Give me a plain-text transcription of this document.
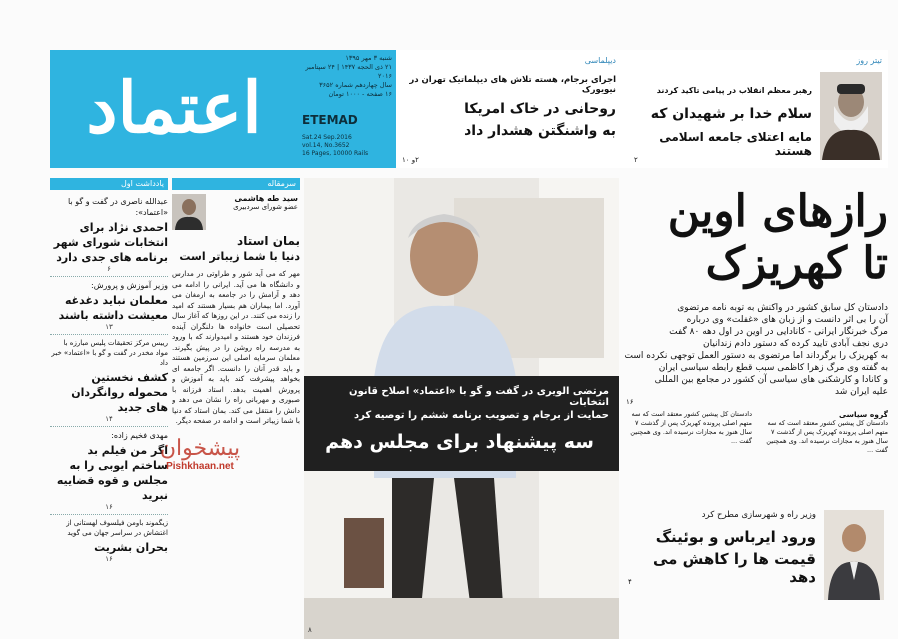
اعتماد
شنبه ۳ مهر ۱۳۹۵
۲۱ ذی الحجه ۱۴۳۷ | ۲۴ سپتامبر ۲۰۱۶
سال چهاردهم شماره ۳۶۵۲
۱۶ صفحه - ۱۰۰۰ تومان
ETEMAD
Sat.24 Sep.2016
vol.14, No.3652
16 Pages, 10000 Rails
دیپلماسی
اجرای برجام، هسته تلاش های دیپلماتیک تهران در نیویورک
روحانی در خاک امریکا
به واشنگتن هشدار داد
۲و ۱۰
تیتر روز
رهبر معظم انقلاب در پیامی تاکید کردند
سلام خدا بر شهیدان که
مایه اعتلای جامعه اسلامی هستند
۲
یادداشت اول
عبدالله ناصری در گفت و گو با «اعتماد»:
احمدی نژاد برای انتخابات شورای شهر برنامه های جدی دارد
۶
وزیر آموزش و پرورش:
معلمان نباید دغدغه معیشت داشته باشند
۱۳
رییس مرکز تحقیقات پلیس مبارزه با مواد مخدر در گفت و گو با «اعتماد» خبر داد
کشف نخستین محموله روانگردان های جدید
۱۴
مهدی فخیم زاده:
اگر من فیلم بد ساختم ایوبی را به مجلس و قوه قضاییه نبرید
۱۶
زیگموند باومن فیلسوف لهستانی از اغتشاش در سراسر جهان می گوید
بحران بشریت
۱۶
پیشخوان
Pishkhaan.net
سرمقاله
سید طه هاشمی
عضو شورای سردبیری
بمان استاد
دنیا با شما زیباتر است
مهر که می آید شور و طراوتی در مدارس و دانشگاه ها می آید. ایرانی را ادامه می دهد و آرامش را در جامعه به ارمغان می آورد. اما بیماران هم بسیار هستند که امید را زنده می کنند. در این روزها که آغاز سال تحصیلی است خانواده ها دلنگران آینده فرزندان خود هستند و امیدوارند که با ورود به مدرسه راه روشن را در پیش بگیرند. معلمان سرمایه اصلی این سرزمین هستند و باید قدر آنان را دانست. اگر جامعه ای بخواهد پیشرفت کند باید به آموزش و پرورش اهمیت بدهد. استاد فرزانه با صبوری و مهربانی راه را نشان می دهد و دانش را منتقل می کند. بمان استاد که دنیا با شما زیباتر است و ادامه در صفحه دیگر.
مرتضی الویری در گفت و گو با «اعتماد» اصلاح قانون انتخابات
حمایت از برجام و تصویب برنامه ششم را توصیه کرد
سه پیشنهاد برای مجلس دهم
۸
رازهای اوین
تا کهریزک
دادستان کل سابق کشور در واکنش به توبه نامه مرتضوی
آن را بی اثر دانست و از زبان های «غفلت» وی درباره
مرگ خبرنگار ایرانی - کانادایی در اوین در اول دهه ۸۰ گفت
دری نجف آبادی تایید کرده که دستور دادم زندانیان
به کهریزک را برگرداند اما مرتضوی به دستور العمل توجهی نکرده است
به گفته وی مرگ زهرا کاظمی سبب قطع رابطه سیاسی ایران
و کانادا و کارشکنی های سیاسی آن کشور در مجامع بین المللی
علیه ایران شد
۱۶
گروه سیاسی
دادستان کل پیشین کشور معتقد است که سه متهم اصلی پرونده کهریزک پس از گذشت ۷ سال هنوز به مجازات نرسیده اند. وی همچنین گفت ...
دادستان کل پیشین کشور معتقد است که سه متهم اصلی پرونده کهریزک پس از گذشت ۷ سال هنوز به مجازات نرسیده اند. وی همچنین گفت ...
وزیر راه و شهرسازی مطرح کرد
ورود ایرباس و بوئینگ
قیمت ها را کاهش می دهد
۴
